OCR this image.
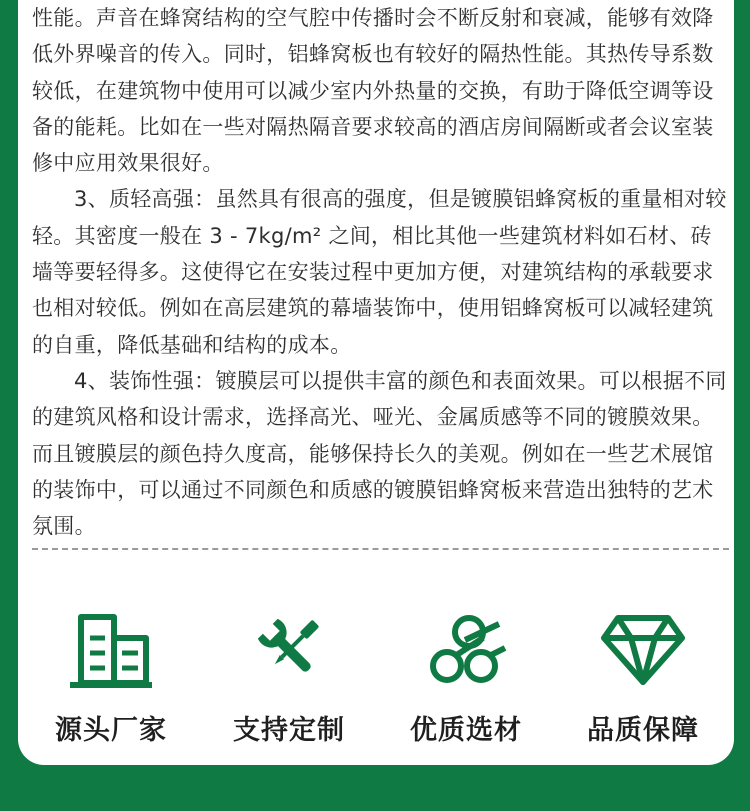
性能。声音在蜂窝结构的空气腔中传播时会不断反射和衰减，能够有效降低外界噪音的传入。同时，铝蜂窝板也有较好的隔热性能。其热传导系数较低，在建筑物中使用可以减少室内外热量的交换，有助于降低空调等设备的能耗。比如在一些对隔热隔音要求较高的酒店房间隔断或者会议室装修中应用效果很好。

3、质轻高强：虽然具有很高的强度，但是镀膜铝蜂窝板的重量相对较轻。其密度一般在 3 - 7kg/m² 之间，相比其他一些建筑材料如石材、砖墙等要轻得多。这使得它在安装过程中更加方便，对建筑结构的承载要求也相对较低。例如在高层建筑的幕墙装饰中，使用铝蜂窝板可以减轻建筑的自重，降低基础和结构的成本。

4、装饰性强：镀膜层可以提供丰富的颜色和表面效果。可以根据不同的建筑风格和设计需求，选择高光、哑光、金属质感等不同的镀膜效果。而且镀膜层的颜色持久度高，能够保持长久的美观。例如在一些艺术展馆的装饰中，可以通过不同颜色和质感的镀膜铝蜂窝板来营造出独特的艺术氛围。

源头厂家	支持定制	优质选材	品质保障
